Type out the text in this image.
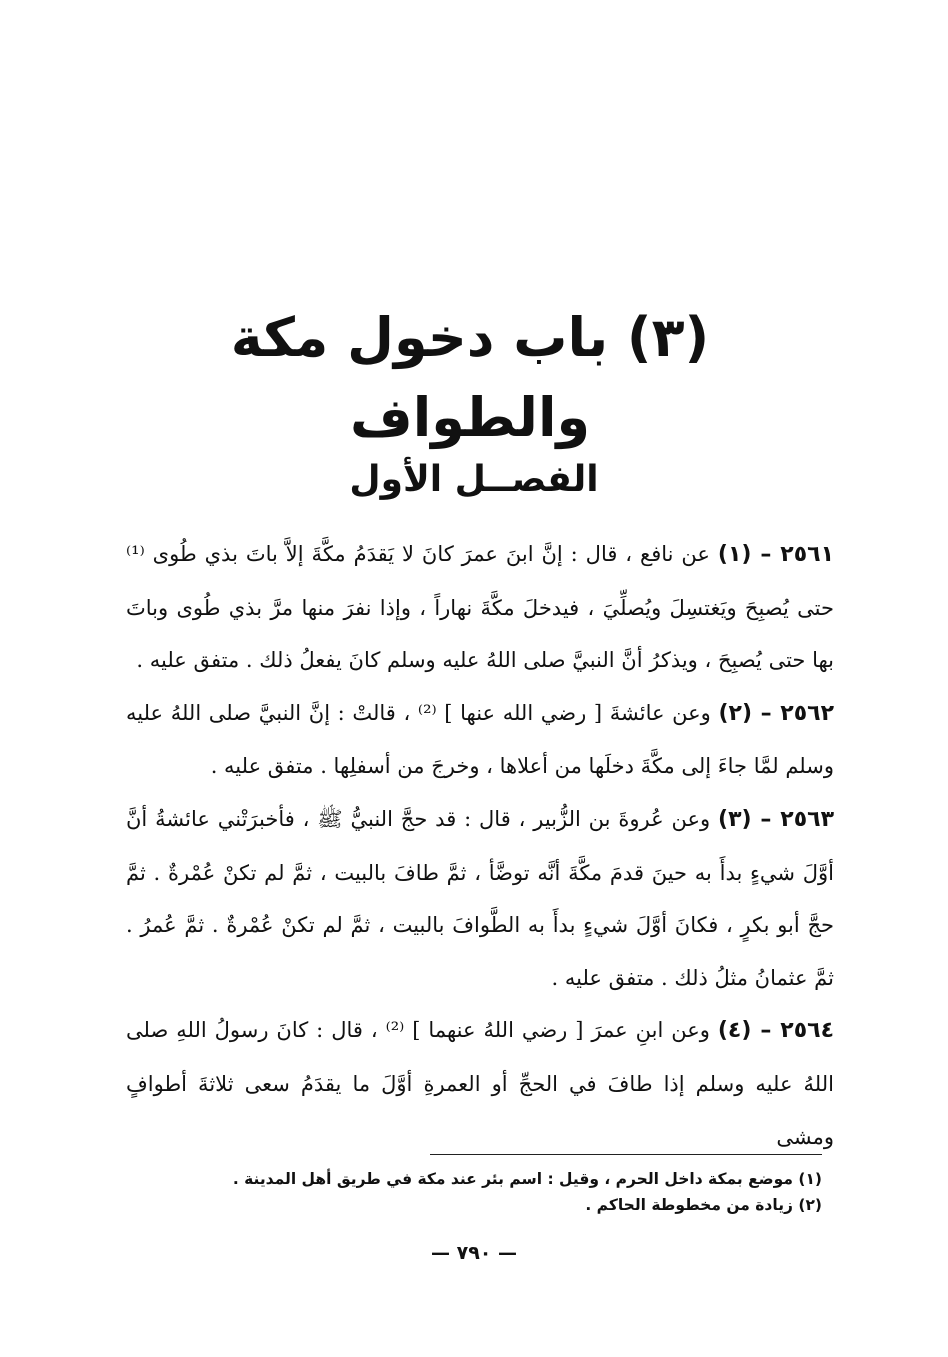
(٣) باب دخول مكة والطواف
الفصــل الأول

٢٥٦١ – (١) عن نافع ، قال : إنَّ ابنَ عمرَ كانَ لا يَقدَمُ مكَّةَ إلاَّ باتَ بذي طُوى ⁽¹⁾ حتى يُصبِحَ ويَغتسِلَ ويُصلِّيَ ، فيدخلَ مكَّةَ نهاراً ، وإذا نفرَ منها مرَّ بذي طُوى وباتَ بها حتى يُصبِحَ ، ويذكرُ أنَّ النبيَّ صلى اللهُ عليه وسلم كانَ يفعلُ ذلك . متفق عليه .

٢٥٦٢ – (٢) وعن عائشةَ [ رضي الله عنها ] ⁽²⁾ ، قالتْ : إنَّ النبيَّ صلى اللهُ عليه وسلم لمَّا جاءَ إلى مكَّةَ دخلَها من أعلاها ، وخرجَ من أسفلِها . متفق عليه .

٢٥٦٣ – (٣) وعن عُروةَ بن الزُّبير ، قال : قد حجَّ النبيُّ ﷺ ، فأخبرَتْني عائشةُ أنَّ أوَّلَ شيءٍ بدأَ به حينَ قدمَ مكَّةَ أنَّه توضَّأ ، ثمَّ طافَ بالبيت ، ثمَّ لم تكنْ عُمْرةٌ . ثمَّ حجَّ أبو بكرٍ ، فكانَ أوَّلَ شيءٍ بدأَ به الطَّوافَ بالبيت ، ثمَّ لم تكنْ عُمْرةٌ . ثمَّ عُمرُ . ثمَّ عثمانُ مثلُ ذلك . متفق عليه .

٢٥٦٤ – (٤) وعن ابنِ عمرَ [ رضي اللهُ عنهما ] ⁽²⁾ ، قال : كانَ رسولُ اللهِ صلى اللهُ عليه وسلم إذا طافَ في الحجِّ أو العمرةِ أوَّلَ ما يقدَمُ سعى ثلاثةَ أطوافٍ ومشى

(١) موضع بمكة داخل الحرم ، وقيل : اسم بئر عند مكة في طريق أهل المدينة .

(٢) زيادة من مخطوطة الحاكم .

— ٧٩٠ —
